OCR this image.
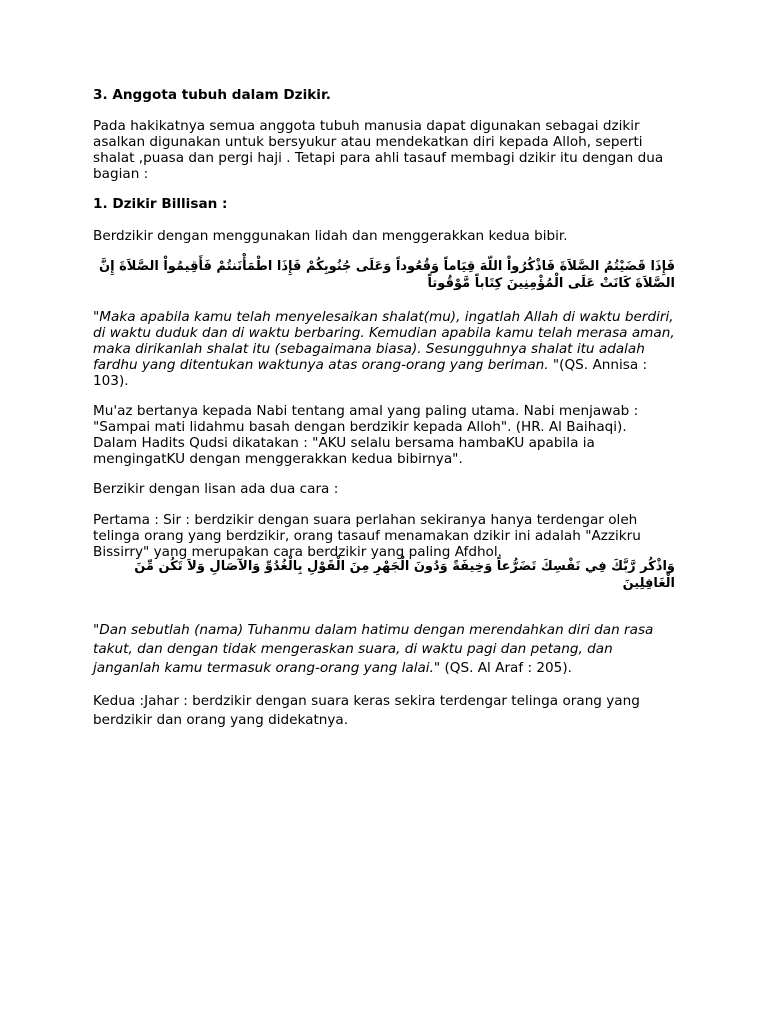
3. Anggota tubuh dalam Dzikir.

Pada hakikatnya semua anggota tubuh manusia dapat digunakan sebagai dzikir asalkan digunakan untuk bersyukur atau mendekatkan diri kepada Alloh, seperti shalat ,puasa dan pergi haji . Tetapi para ahli tasauf membagi dzikir itu dengan dua bagian :

1. Dzikir Billisan :

Berdzikir dengan menggunakan lidah dan menggerakkan kedua bibir.

فَإِذَا قَضَيْتُمُ الصَّلاَةَ فَاذْكُرُواْ اللّهَ قِيَاماً وَقُعُوداً وَعَلَى جُنُوبِكُمْ فَإِذَا اطْمَأْنَنتُمْ فَأَقِيمُواْ الصَّلاَةَ إِنَّ الصَّلاَةَ كَانَتْ عَلَى الْمُؤْمِنِينَ كِتَاباً مَّوْقُوتاً

"Maka apabila kamu telah menyelesaikan shalat(mu), ingatlah Allah di waktu berdiri, di waktu duduk dan di waktu berbaring. Kemudian apabila kamu telah merasa aman, maka dirikanlah shalat itu (sebagaimana biasa). Sesungguhnya shalat itu adalah fardhu yang ditentukan waktunya atas orang-orang yang beriman. "(QS. Annisa : 103).

Mu'az bertanya kepada Nabi tentang amal yang paling utama. Nabi menjawab : "Sampai mati lidahmu basah dengan berdzikir kepada Alloh". (HR. Al Baihaqi). Dalam Hadits Qudsi dikatakan : "AKU selalu bersama hambaKU apabila ia mengingatKU dengan menggerakkan kedua bibirnya".

Berzikir dengan lisan ada dua cara :

Pertama : Sir : berdzikir dengan suara perlahan sekiranya hanya terdengar oleh telinga orang yang berdzikir, orang tasauf menamakan dzikir ini adalah "Azzikru Bissirry" yang merupakan cara berdzikir yang paling Afdhol.

وَاذْكُر رَّبَّكَ فِي نَفْسِكَ تَضَرُّعاً وَخِيفَةً وَدُونَ الْجَهْرِ مِنَ الْقَوْلِ بِالْغُدُوِّ وَالآصَالِ وَلاَ تَكُن مِّنَ الْغَافِلِينَ

"Dan sebutlah (nama) Tuhanmu dalam hatimu dengan merendahkan diri dan rasa takut, dan dengan tidak mengeraskan suara, di waktu pagi dan petang, dan janganlah kamu termasuk orang-orang yang lalai." (QS. Al Araf : 205).

Kedua :Jahar : berdzikir dengan suara keras sekira terdengar telinga orang yang berdzikir dan orang yang didekatnya.
